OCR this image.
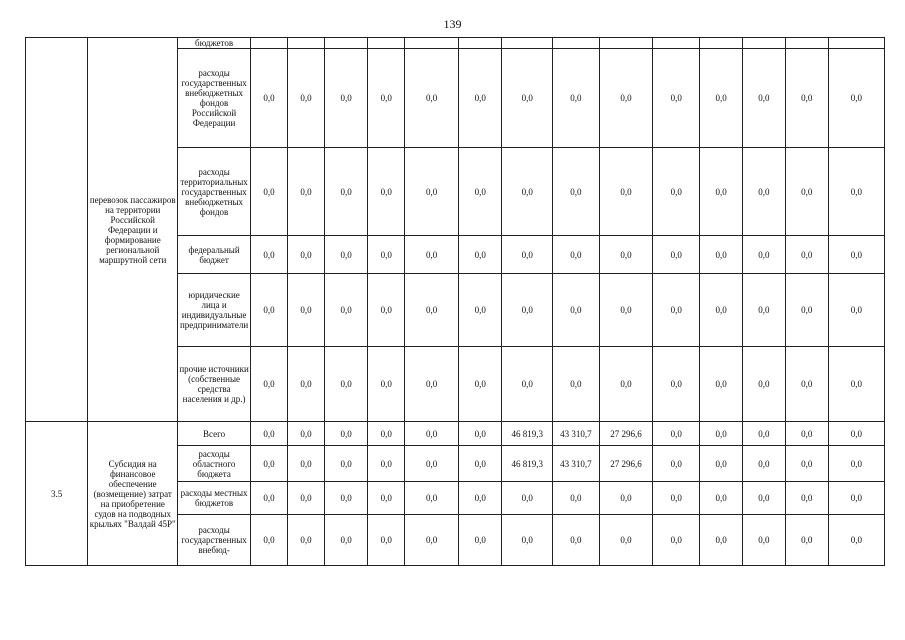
139
	перевозок пассажиров на территории Российской Федерации и формирование региональной маршрутной сети	бюджетов														
		расходы государственных внебюджетных фондов Российской Федерации	0,0	0,0	0,0	0,0	0,0	0,0	0,0	0,0	0,0	0,0	0,0	0,0	0,0	0,0
		расходы территориальных государственных внебюджетных фондов	0,0	0,0	0,0	0,0	0,0	0,0	0,0	0,0	0,0	0,0	0,0	0,0	0,0	0,0
		федеральный бюджет	0,0	0,0	0,0	0,0	0,0	0,0	0,0	0,0	0,0	0,0	0,0	0,0	0,0	0,0
		юридические лица и индивидуальные предприниматели	0,0	0,0	0,0	0,0	0,0	0,0	0,0	0,0	0,0	0,0	0,0	0,0	0,0	0,0
		прочие источники (собственные средства населения и др.)	0,0	0,0	0,0	0,0	0,0	0,0	0,0	0,0	0,0	0,0	0,0	0,0	0,0	0,0
3.5	Субсидия на финансовое обеспечение (возмещение) затрат на приобретение судов на подводных крыльях "Валдай 45Р"	Всего	0,0	0,0	0,0	0,0	0,0	0,0	46 819,3	43 310,7	27 296,6	0,0	0,0	0,0	0,0	0,0
		расходы областного бюджета	0,0	0,0	0,0	0,0	0,0	0,0	46 819,3	43 310,7	27 296,6	0,0	0,0	0,0	0,0	0,0
		расходы местных бюджетов	0,0	0,0	0,0	0,0	0,0	0,0	0,0	0,0	0,0	0,0	0,0	0,0	0,0	0,0
		расходы государственных внебюд-	0,0	0,0	0,0	0,0	0,0	0,0	0,0	0,0	0,0	0,0	0,0	0,0	0,0	0,0
